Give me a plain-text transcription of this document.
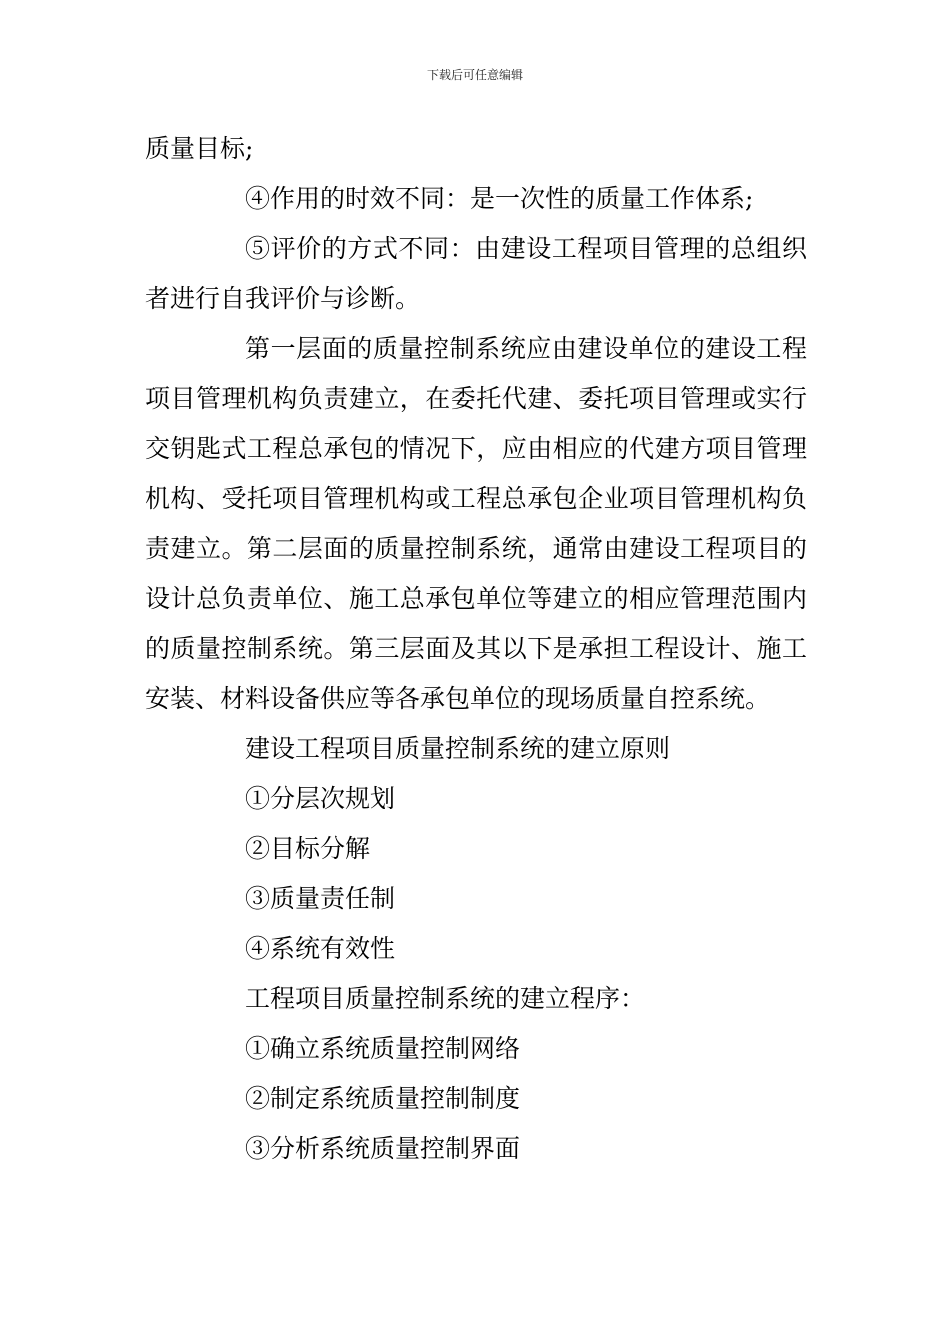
下载后可任意编辑

质量目标;

④作用的时效不同：是一次性的质量工作体系;

⑤评价的方式不同：由建设工程项目管理的总组织者进行自我评价与诊断。

第一层面的质量控制系统应由建设单位的建设工程项目管理机构负责建立，在委托代建、委托项目管理或实行交钥匙式工程总承包的情况下，应由相应的代建方项目管理机构、受托项目管理机构或工程总承包企业项目管理机构负责建立。第二层面的质量控制系统，通常由建设工程项目的设计总负责单位、施工总承包单位等建立的相应管理范围内的质量控制系统。第三层面及其以下是承担工程设计、施工安装、材料设备供应等各承包单位的现场质量自控系统。

建设工程项目质量控制系统的建立原则

①分层次规划

②目标分解

③质量责任制

④系统有效性

工程项目质量控制系统的建立程序：

①确立系统质量控制网络

②制定系统质量控制制度

③分析系统质量控制界面
